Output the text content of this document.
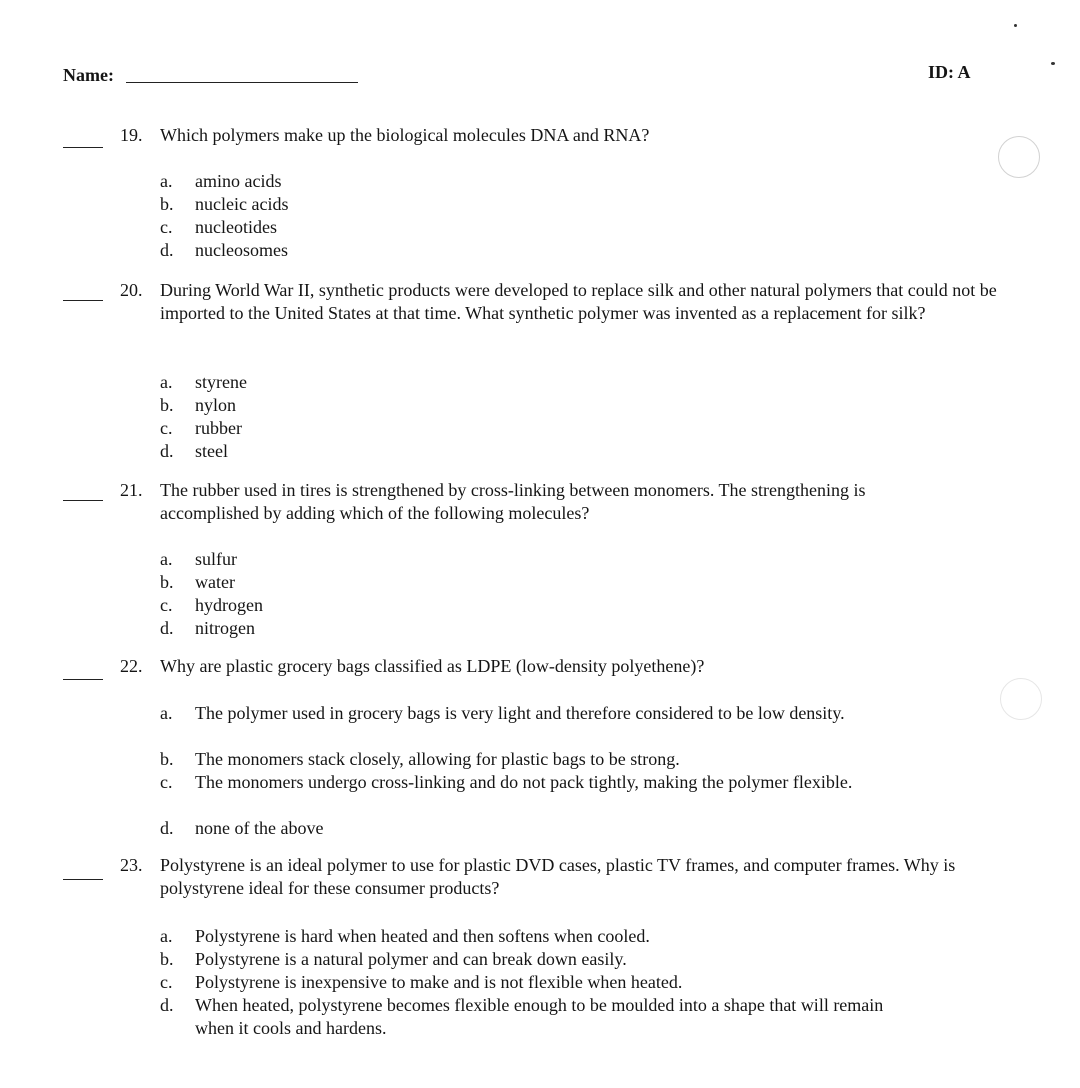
Name:	ID: A
19. Which polymers make up the biological molecules DNA and RNA?
a.	amino acids
b.	nucleic acids
c.	nucleotides
d.	nucleosomes
20. During World War II, synthetic products were developed to replace silk and other natural polymers that could not be imported to the United States at that time. What synthetic polymer was invented as a replacement for silk?
a.	styrene
b.	nylon
c.	rubber
d.	steel
21. The rubber used in tires is strengthened by cross-linking between monomers. The strengthening is accomplished by adding which of the following molecules?
a.	sulfur
b.	water
c.	hydrogen
d.	nitrogen
22. Why are plastic grocery bags classified as LDPE (low-density polyethene)?
a.	The polymer used in grocery bags is very light and therefore considered to be low density.
b.	The monomers stack closely, allowing for plastic bags to be strong.
c.	The monomers undergo cross-linking and do not pack tightly, making the polymer flexible.
d.	none of the above
23. Polystyrene is an ideal polymer to use for plastic DVD cases, plastic TV frames, and computer frames. Why is polystyrene ideal for these consumer products?
a.	Polystyrene is hard when heated and then softens when cooled.
b.	Polystyrene is a natural polymer and can break down easily.
c.	Polystyrene is inexpensive to make and is not flexible when heated.
d.	When heated, polystyrene becomes flexible enough to be moulded into a shape that will remain when it cools and hardens.
